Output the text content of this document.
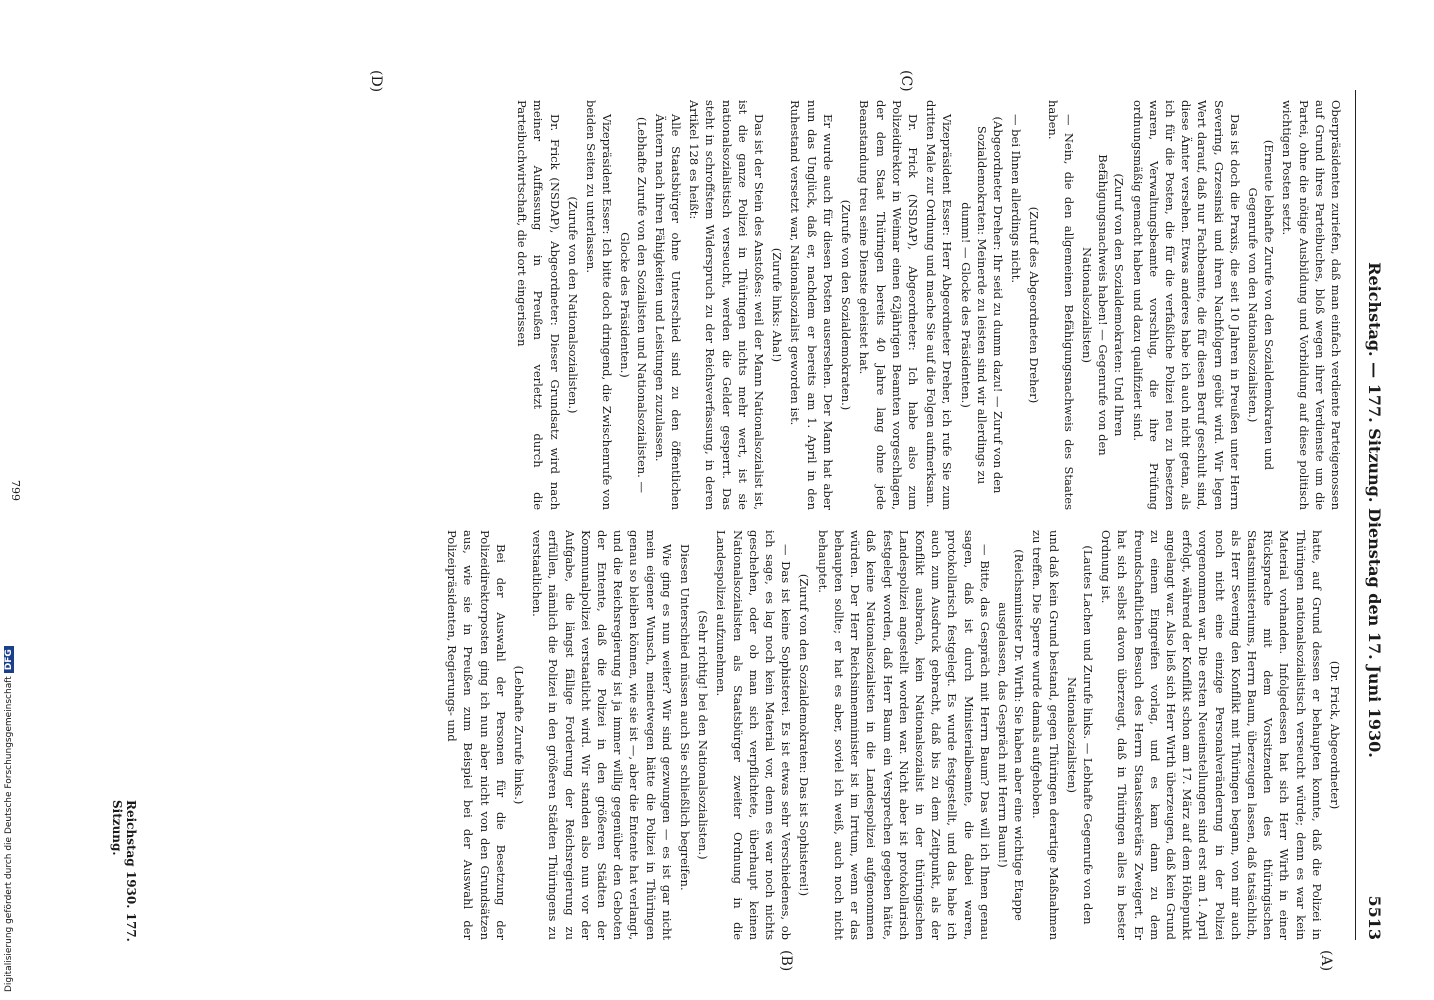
Reichstag. — 177. Sitzung. Dienstag den 17. Juni 1930.
5513
(C)
(D)
(A)
(B)

Oberpräsidenten zuriefen, daß man einfach verdiente Parteigenossen auf Grund ihres Parteibuches, bloß wegen ihrer Verdienste um die Partei, ohne die nötige Ausbildung und Vorbildung auf diese politisch wichtigen Posten setzt.

(Erneute lebhafte Zurufe von den Sozialdemokraten und Gegenrufe von den Nationalsozialisten.)

Das ist doch die Praxis, die seit 10 Jahren in Preußen unter Herrn Severing, Grzesinski und ihren Nachfolgern geübt wird. Wir legen Wert darauf, daß nur Fachbeamte, die für diesen Beruf geschult sind, diese Ämter versehen. Etwas anderes habe ich auch nicht getan, als ich für die Posten, die für die verfaßliche Polizei neu zu besetzen waren, Verwaltungsbeamte vorschlug, die ihre Prüfung ordnungsmäßig gemacht haben und dazu qualifiziert sind.

(Zuruf von den Sozialdemokraten: Und Ihren Befähigungsnachweis haben! — Gegenrufe von den Nationalsozialisten)

— Nein, die den allgemeinen Befähigungsnachweis des Staates haben.

(Zuruf des Abgeordneten Dreher)

— bei Ihnen allerdings nicht.

(Abgeordneter Dreher: Ihr seid zu dumm dazu! — Zuruf von den Sozialdemokraten: Meinerde zu leisten sind wir allerdings zu dumm! — Glocke des Präsidenten.)

Vizepräsident Esser: Herr Abgeordneter Dreher, ich rufe Sie zum dritten Male zur Ordnung und mache Sie auf die Folgen aufmerksam.

Dr. Frick (NSDAP), Abgeordneter: Ich habe also zum Polizeidirektor in Weimar einen 62jährigen Beamten vorgeschlagen, der dem Staat Thüringen bereits 40 Jahre lang ohne jede Beanstandung treu seine Dienste geleistet hat.

(Zurufe von den Sozialdemokraten.)

Er wurde auch für diesen Posten ausersehen. Der Mann hat aber nun das Unglück, daß er, nachdem er bereits am 1. April in den Ruhestand versetzt war, Nationalsozialist geworden ist.

(Zurufe links: Aha!)

Das ist der Stein des Anstoßes: weil der Mann Nationalsozialist ist, ist die ganze Polizei in Thüringen nichts mehr wert, ist sie nationalsozialistisch verseucht, werden die Gelder gesperrt. Das steht in schroffstem Widerspruch zu der Reichsverfassung, in deren Artikel 128 es heißt:

Alle Staatsbürger ohne Unterschied sind zu den öffentlichen Ämtern nach ihren Fähigkeiten und Leistungen zuzulassen.

(Lebhafte Zurufe von den Sozialisten und Nationalsozialisten. — Glocke des Präsidenten.)

Vizepräsident Esser: Ich bitte doch dringend, die Zwischenrufe von beiden Seiten zu unterlassen.

(Zurufe von den Nationalsozialisten.)

Dr. Frick (NSDAP), Abgeordneter: Dieser Grundsatz wird nach meiner Auffassung in Preußen verletzt durch die Parteibuchwirtschaft, die dort eingerissen

(Dr. Frick, Abgeordneter)

hatte, auf Grund dessen er behaupten konnte, daß die Polizei in Thüringen nationalsozialistisch verseucht würde; denn es war kein Material vorhanden. Infolgedessen hat sich Herr Wirth in einer Rücksprache mit dem Vorsitzenden des thüringischen Staatsministeriums, Herrn Baum, überzeugen lassen, daß tatsächlich, als Herr Severing den Konflikt mit Thüringen begann, von mir auch noch nicht eine einzige Personalveränderung in der Polizei vorgenommen war. Die ersten Neueinstellungen sind erst am 1. April erfolgt, während der Konflikt schon am 17. März auf dem Höhepunkt angelangt war. Also ließ sich Herr Wirth überzeugen, daß kein Grund zu einem Eingreifen vorlag, und es kam dann zu dem freundschaftlichen Besuch des Herrn Staatssekretärs Zweigert. Er hat sich selbst davon überzeugt, daß in Thüringen alles in bester Ordnung ist.

(Lautes Lachen und Zurufe links. — Lebhafte Gegenrufe von den Nationalsozialisten)

und daß kein Grund bestand, gegen Thüringen derartige Maßnahmen zu treffen. Die Sperre wurde damals aufgehoben.

(Reichsminister Dr. Wirth: Sie haben aber eine wichtige Etappe ausgelassen, das Gespräch mit Herrn Baum!)

— Bitte, das Gespräch mit Herrn Baum? Das will ich Ihnen genau sagen, daß ist durch Ministerialbeamte, die dabei waren, protokollarisch festgelegt. Es wurde festgestellt, und das habe ich auch zum Ausdruck gebracht, daß bis zu dem Zeitpunkt, als der Konflikt ausbrach, kein Nationalsozialist in der thüringischen Landespolizei angestellt worden war. Nicht aber ist protokollarisch festgelegt worden, daß Herr Baum ein Versprechen gegeben hätte, daß keine Nationalsozialisten in die Landespolizei aufgenommen würden. Der Herr Reichsinnenminister ist im Irrtum, wenn er das behaupten sollte; er hat es aber, soviel ich weiß, auch noch nicht behauptet.

(Zuruf von den Sozialdemokraten: Das ist Sophisterei!)

— Das ist keine Sophisterei. Es ist etwas sehr Verschiedenes, ob ich sage, es lag noch kein Material vor, denn es war noch nichts geschehen, oder ob man sich verpflichtete, überhaupt keinen Nationalsozialisten als Staatsbürger zweiter Ordnung in die Landespolizei aufzunehmen.

(Sehr richtig! bei den Nationalsozialisten.)

Diesen Unterschied müssen auch Sie schließlich begreifen.

Wie ging es nun weiter? Wir sind gezwungen — es ist gar nicht mein eigener Wunsch, meinetwegen hätte die Polizei in Thüringen genau so bleiben können, wie sie ist —, aber die Entente hat verlangt, und die Reichsregierung ist ja immer willig gegenüber den Geboten der Entente, daß die Polizei in den größeren Städten der Kommunalpolizei verstaatlicht wird. Wir standen also nun vor der Aufgabe, die längst fällige Forderung der Reichsregierung zu erfüllen, nämlich die Polizei in den größeren Städten Thüringens zu verstaatlichen.

(Lebhafte Zurufe links.)

Bei der Auswahl der Personen für die Besetzung der Polizeidirektorposten ging ich nun aber nicht von den Grundsätzen aus, wie sie in Preußen zum Beispiel bei der Auswahl der Polizeipräsidenten, Regierungs- und

Reichstag 1930. 177. Sitzung.
799
Digitalisierung gefördert durch die Deutsche ForschungsgemeinschaftDFG
